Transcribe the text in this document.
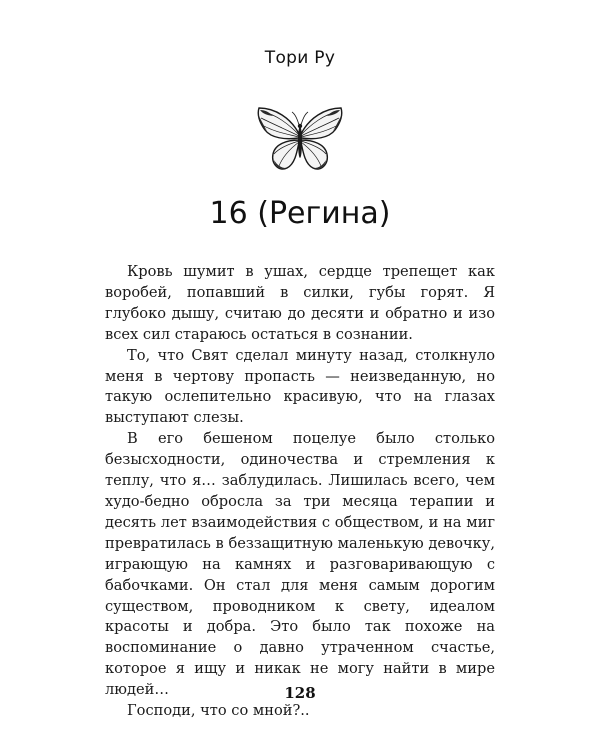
Тори Ру
16 (Регина)

Кровь шумит в ушах, сердце трепещет как воробей, попавший в силки, губы горят. Я глубоко дышу, считаю до десяти и обратно и изо всех сил стараюсь остаться в сознании.

То, что Свят сделал минуту назад, столкнуло меня в чертову пропасть — неизведанную, но такую ослепительно красивую, что на глазах выступают слезы.

В его бешеном поцелуе было столько безысходности, одиночества и стремления к теплу, что я… заблудилась. Лишилась всего, чем худо-бедно обросла за три месяца терапии и десять лет взаимодействия с обществом, и на миг превратилась в беззащитную маленькую девочку, играющую на камнях и разговаривающую с бабочками. Он стал для меня самым дорогим существом, проводником к свету, идеалом красоты и добра. Это было так похоже на воспоминание о давно утраченном счастье, которое я ищу и никак не могу найти в мире людей…

Господи, что со мной?..

128
